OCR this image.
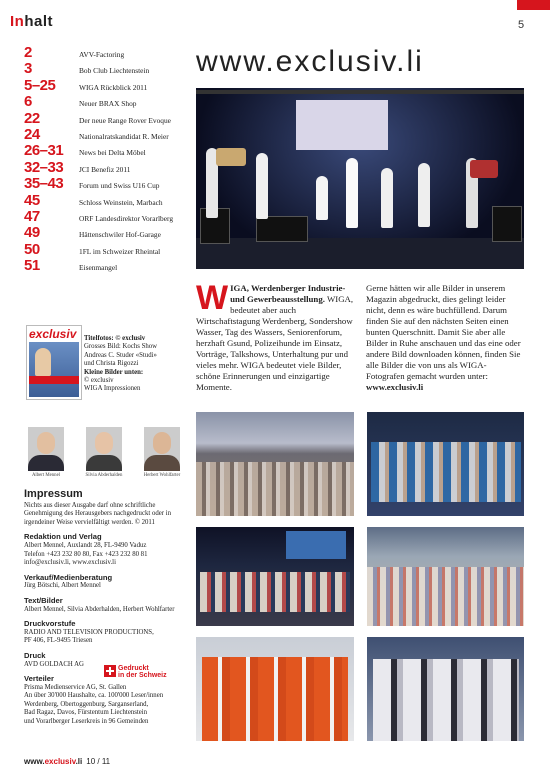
Inhalt	5
2	AVV-Factoring
3	Bob Club Liechtenstein
5–25	WIGA Rückblick 2011
6	Neuer BRAX Shop
22	Der neue Range Rover Evoque
24	Nationalratskandidat R. Meier
26–31	News bei Delta Möbel
32–33	JCI Benefiz 2011
35–43	Forum und Swiss U16 Cup
45	Schloss Weinstein, Marbach
47	ORF Landesdirektor Vorarlberg
49	Hättenschwiler Hof-Garage
50	1FL im Schweizer Rheintal
51	Eisenmangel
exclusiv Titelfotos: © exclusiv
Grosses Bild: Kochs Show
Andreas C. Studer «Studi»
und Christa Rigozzi
Kleine Bilder unten:
© exclusiv
WIGA Impressionen
www.exclusiv.li

WIGA, Werdenberger Industrie- und Gewerbeausstellung. WIGA, bedeutet aber auch Wirtschaftstagung Werdenberg, Sondershow Wasser, Tag des Wassers, Seniorenforum, herzhaft Gsund, Polizeihunde im Einsatz, Vorträge, Talkshows, Unterhaltung pur und vieles mehr. WIGA bedeutet viele Bilder, schöne Erinnerungen und einzigartige Momente.

Gerne hätten wir alle Bilder in unserem Magazin abgedruckt, dies gelingt leider nicht, denn es wäre buchfüllend. Darum finden Sie auf den nächsten Seiten einen bunten Querschnitt. Damit Sie aber alle Bilder in Ruhe anschauen und das eine oder andere Bild downloaden können, finden Sie alle Bilder die von uns als WIGA-Fotografen gemacht wurden unter: www.exclusiv.li

Albert Mennel	Silvia Abderhalden	Herbert Wohlfarter
Impressum
Nichts aus dieser Ausgabe darf ohne schriftliche Genehmigung des Herausgebers nachgedruckt oder in irgendeiner Weise vervielfältigt werden. © 2011
Redaktion und Verlag
Albert Mennel, Auxlandt 28, FL-9490 Vaduz
Telefon +423 232 80 80, Fax +423 232 80 81
info@exclusiv.li, www.exclusiv.li
Verkauf/Medienberatung
Jürg Bötschi, Albert Mennel
Text/Bilder
Albert Mennel, Silvia Abderhalden, Herbert Wohlfarter
Druckvorstufe
RADIO AND TELEVISION PRODUCTIONS,
PF 406, FL-9495 Triesen
Druck
AVD GOLDACH AG
Verteiler
Prisma Medienservice AG, St. Gallen
An über 30'000 Haushalte, ca. 100'000 Leser/innen
Werdenberg, Obertoggenburg, Sarganserland,
Bad Ragaz, Davos, Fürstentum Liechtenstein
und Vorarlberger Leserkreis in 96 Gemeinden
Gedruckt
in der Schweiz
www.exclusiv.li 10 / 11
